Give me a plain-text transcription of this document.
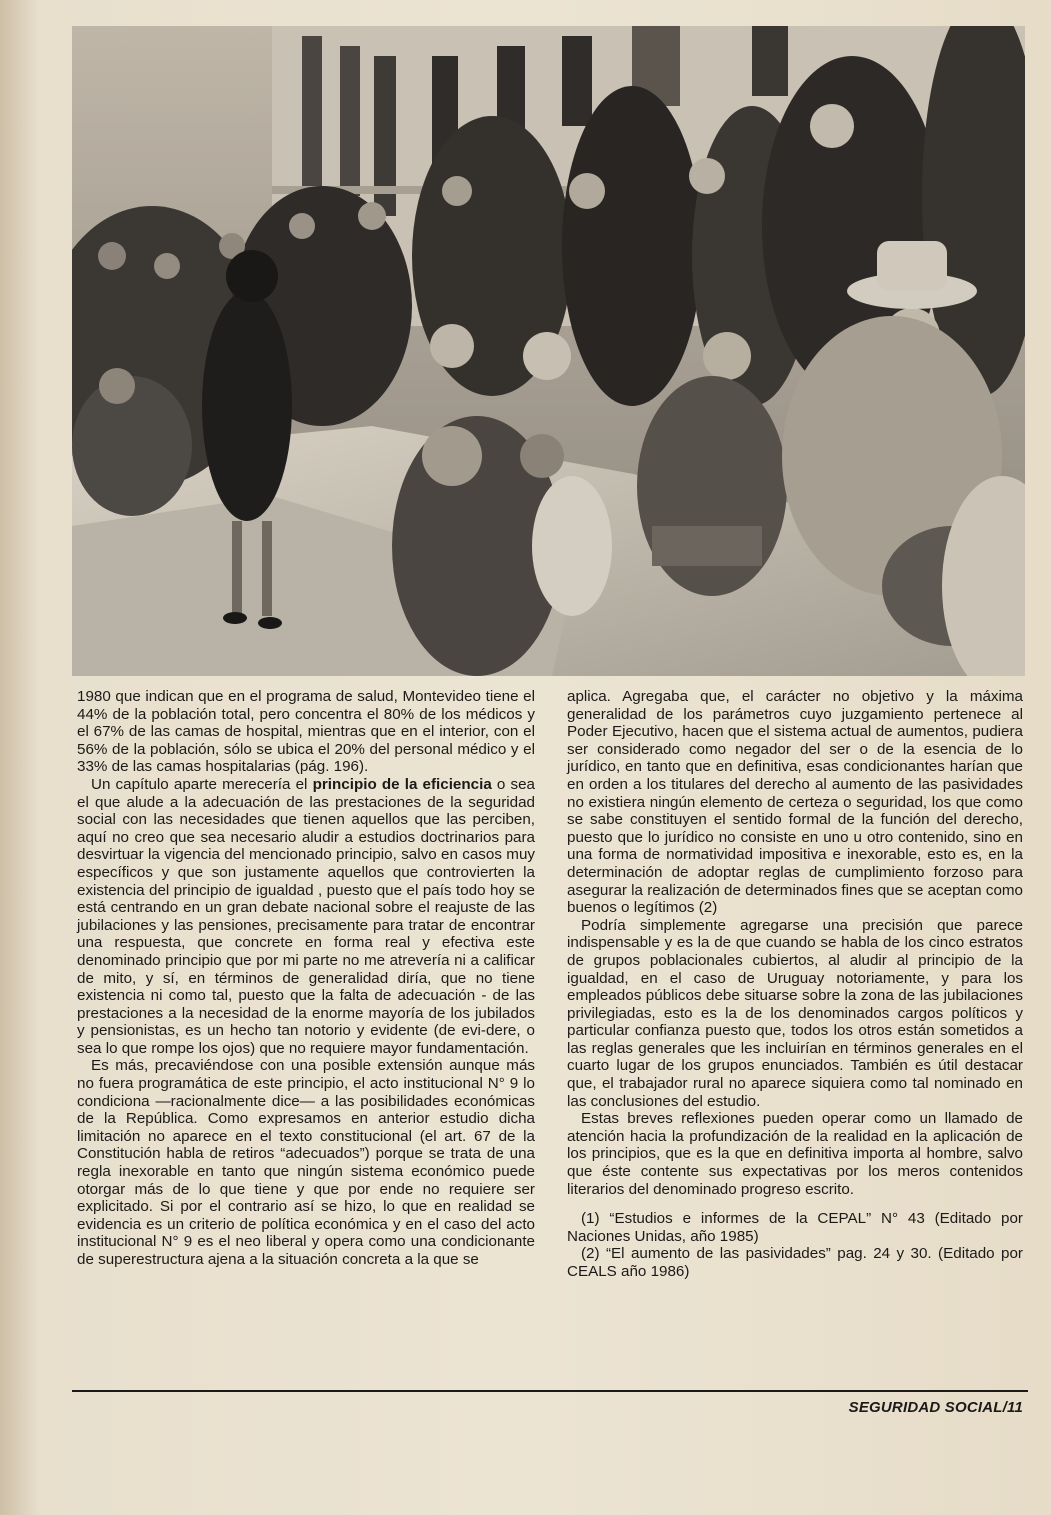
1980 que indican que en el programa de salud, Montevideo tiene el 44% de la población total, pero concentra el 80% de los médicos y el 67% de las camas de hospital, mientras que en el interior, con el 56% de la población, sólo se ubica el 20% del personal médico y el 33% de las camas hospitalarias (pág. 196).

Un capítulo aparte merecería el principio de la eficiencia o sea el que alude a la adecuación de las prestaciones de la seguridad social con las necesidades que tienen aquellos que las perciben, aquí no creo que sea necesario aludir a estudios doctrinarios para desvirtuar la vigencia del mencionado principio, salvo en casos muy específicos y que son justamente aquellos que controvierten la existencia del principio de igualdad , puesto que el país todo hoy se está centrando en un gran debate nacional sobre el reajuste de las jubilaciones y las pensiones, precisamente para tratar de encontrar una respuesta, que concrete en forma real y efectiva este denominado principio que por mi parte no me atrevería ni a calificar de mito, y sí, en términos de generalidad diría, que no tiene existencia ni como tal, puesto que la falta de adecuación - de las prestaciones a la necesidad de la enorme mayoría de los jubilados y pensionistas, es un hecho tan notorio y evidente (de evi-dere, o sea lo que rompe los ojos) que no requiere mayor fundamentación.

Es más, precaviéndose con una posible extensión aunque más no fuera programática de este principio, el acto institucional N° 9 lo condiciona —racionalmente dice— a las posibilidades económicas de la República. Como expresamos en anterior estudio dicha limitación no aparece en el texto constitucional (el art. 67 de la Constitución habla de retiros “adecuados”) porque se trata de una regla inexorable en tanto que ningún sistema económico puede otorgar más de lo que tiene y que por ende no requiere ser explicitado. Si por el contrario así se hizo, lo que en realidad se evidencia es un criterio de política económica y en el caso del acto institucional N° 9 es el neo liberal y opera como una condicionante de superestructura ajena a la situación concreta a la que se

aplica. Agregaba que, el carácter no objetivo y la máxima generalidad de los parámetros cuyo juzgamiento pertenece al Poder Ejecutivo, hacen que el sistema actual de aumentos, pudiera ser considerado como negador del ser o de la esencia de lo jurídico, en tanto que en definitiva, esas condicionantes harían que en orden a los titulares del derecho al aumento de las pasividades no existiera ningún elemento de certeza o seguridad, los que como se sabe constituyen el sentido formal de la función del derecho, puesto que lo jurídico no consiste en uno u otro contenido, sino en una forma de normatividad impositiva e inexorable, esto es, en la determinación de adoptar reglas de cumplimiento forzoso para asegurar la realización de determinados fines que se aceptan como buenos o legítimos (2)

Podría simplemente agregarse una precisión que parece indispensable y es la de que cuando se habla de los cinco estratos de grupos poblacionales cubiertos, al aludir al principio de la igualdad, en el caso de Uruguay notoriamente, y para los empleados públicos debe situarse sobre la zona de las jubilaciones privilegiadas, esto es la de los denominados cargos políticos y particular confianza puesto que, todos los otros están sometidos a las reglas generales que les incluirían en términos generales en el cuarto lugar de los grupos enunciados. También es útil destacar que, el trabajador rural no aparece siquiera como tal nominado en las conclusiones del estudio.

Estas breves reflexiones pueden operar como un llamado de atención hacia la profundización de la realidad en la aplicación de los principios, que es la que en definitiva importa al hombre, salvo que éste contente sus expectativas por los meros contenidos literarios del denominado progreso escrito.

(1) “Estudios e informes de la CEPAL” N° 43 (Editado por Naciones Unidas, año 1985)

(2) “El aumento de las pasividades” pag. 24 y 30. (Editado por CEALS año 1986)

SEGURIDAD SOCIAL/11
